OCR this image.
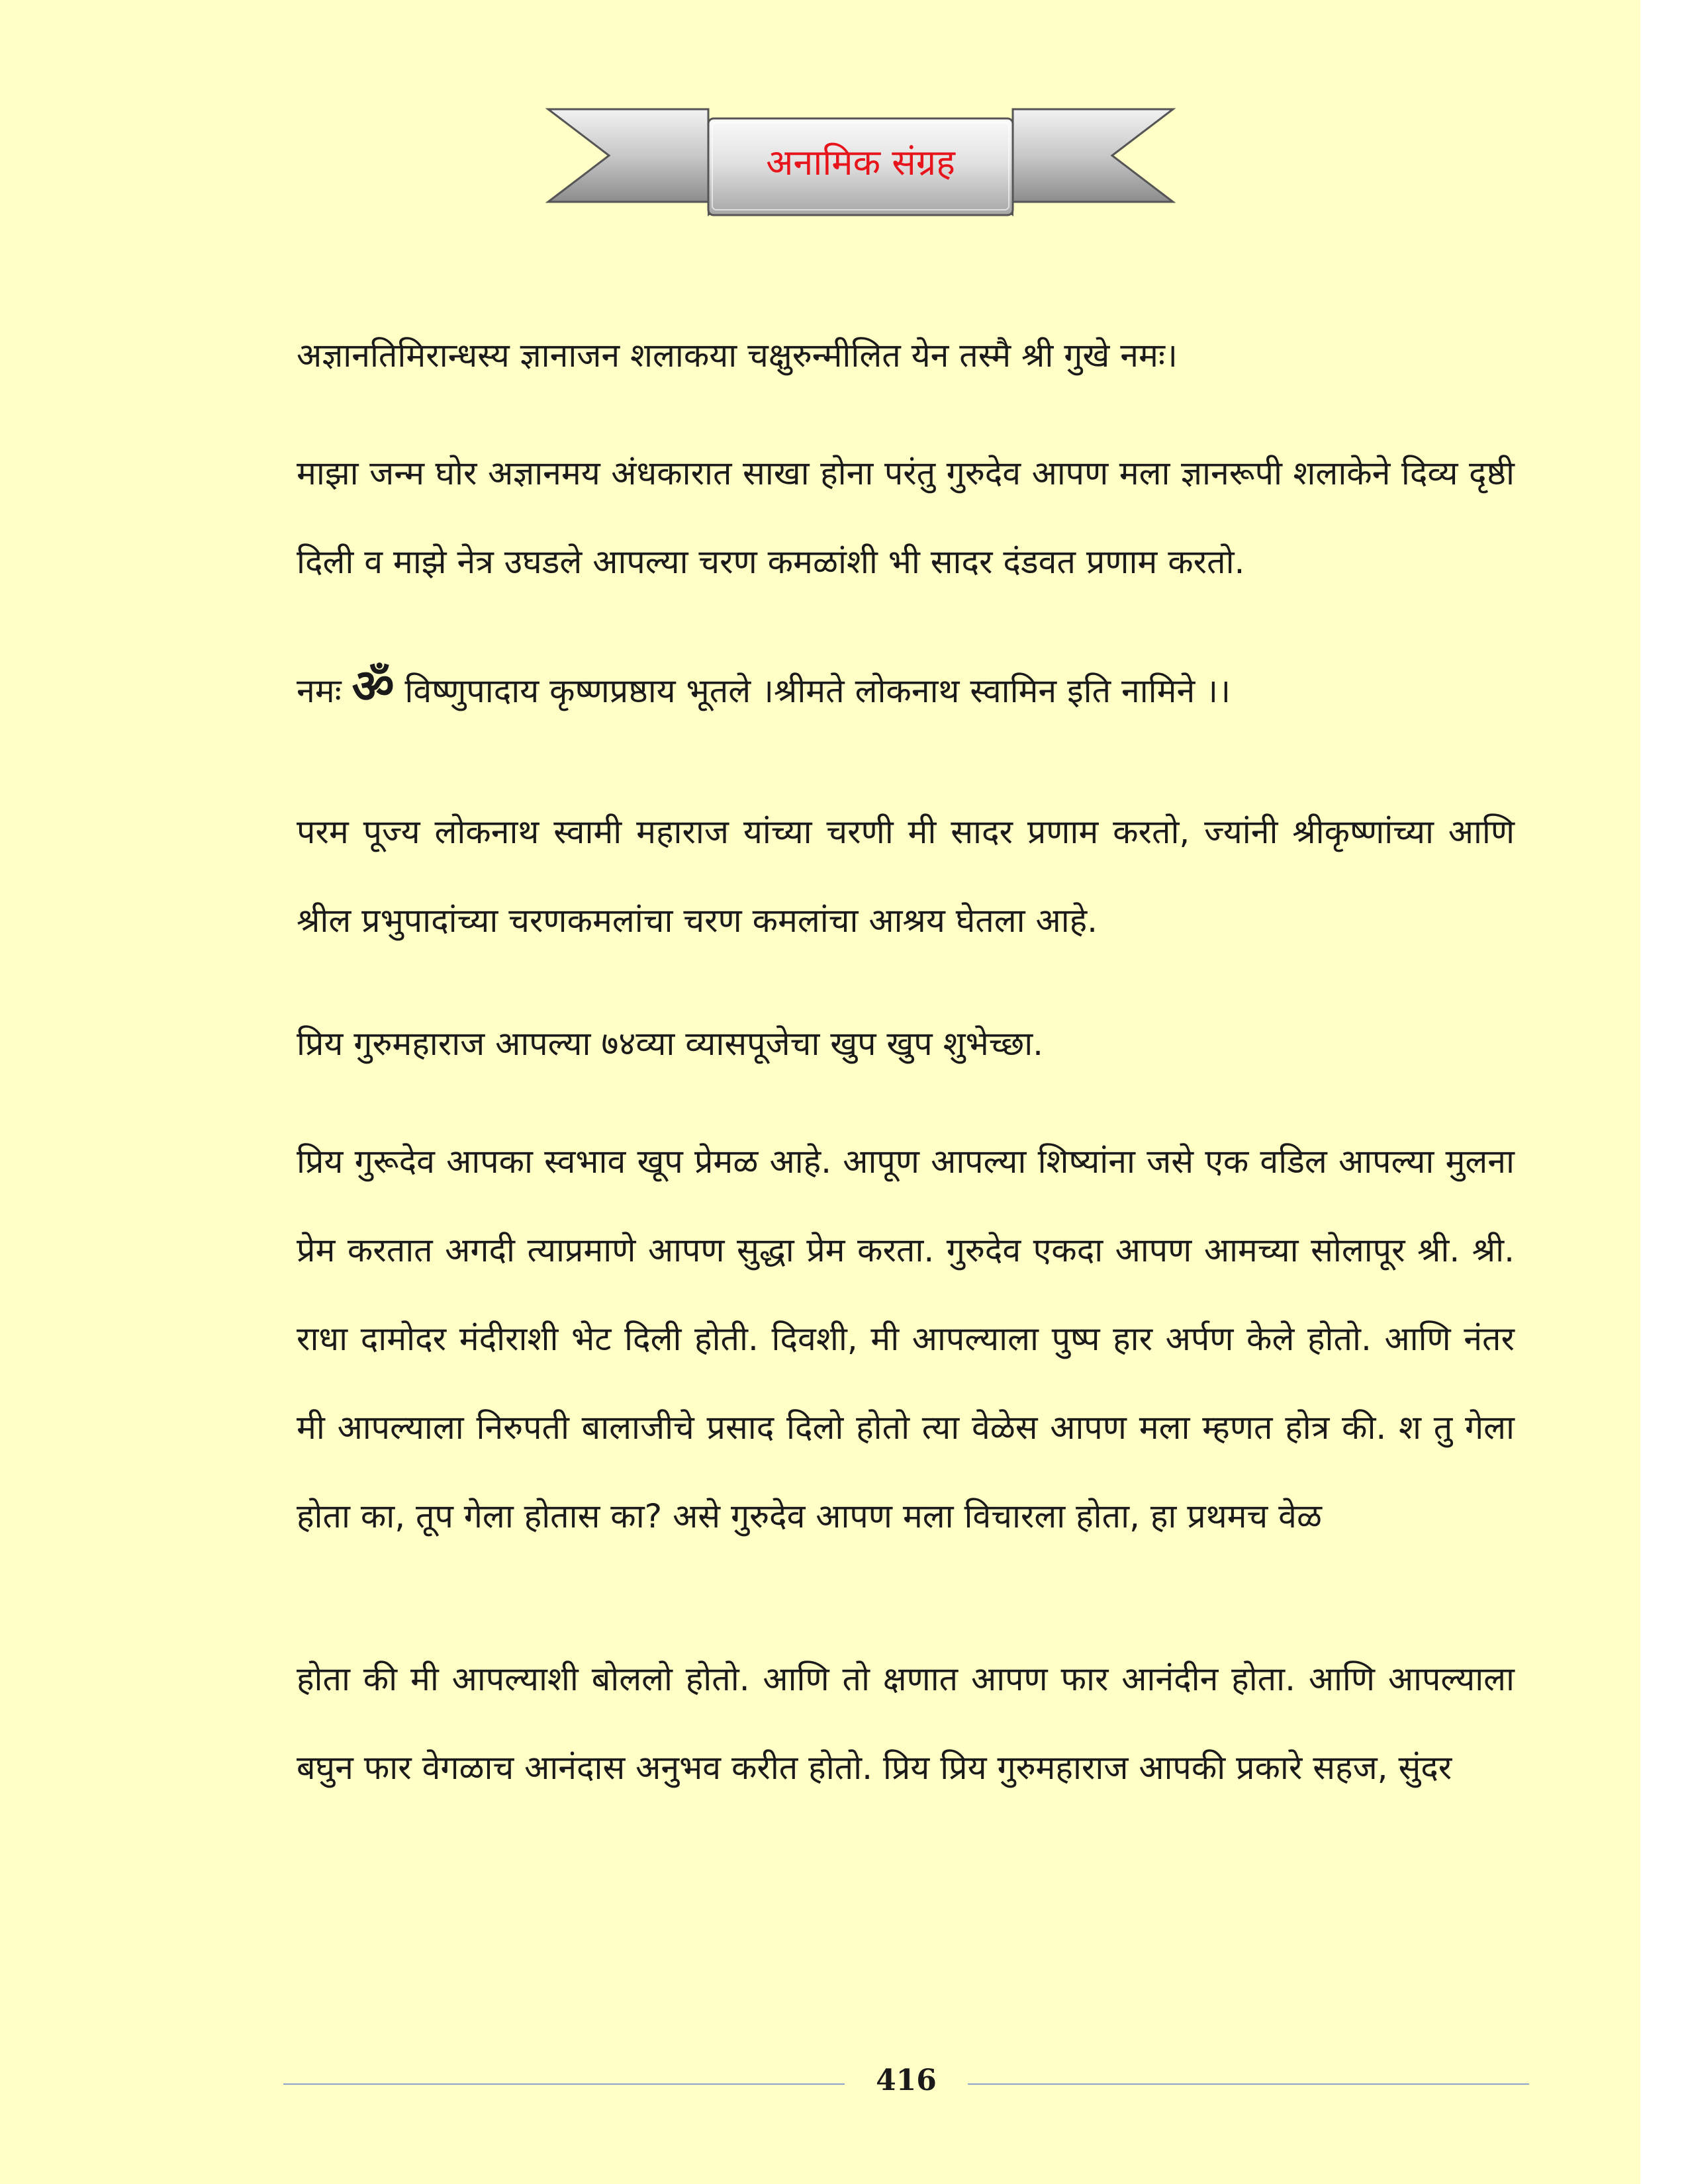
अनामिक संग्रह

अज्ञानतिमिरान्धस्य ज्ञानाजन शलाकया चक्षुरुन्मीलित येन तस्मै श्री गुखे नमः।

माझा जन्म घोर अज्ञानमय अंधकारात साखा होना परंतु गुरुदेव आपण मला ज्ञानरूपी शलाकेने दिव्य दृष्ठी दिली व माझे नेत्र उघडले आपल्या चरण कमळांशी भी सादर दंडवत प्रणाम करतो.

नमः ॐ विष्णुपादाय कृष्णप्रष्ठाय भूतले ।श्रीमते लोकनाथ स्वामिन इति नामिने ।।

परम पूज्य लोकनाथ स्वामी महाराज यांच्या चरणी मी सादर प्रणाम करतो, ज्यांनी श्रीकृष्णांच्या आणि श्रील प्रभुपादांच्या चरणकमलांचा चरण कमलांचा आश्रय घेतला आहे.

प्रिय गुरुमहाराज आपल्या ७४व्या व्यासपूजेचा खुप खुप शुभेच्छा.

प्रिय गुरूदेव आपका स्वभाव खूप प्रेमळ आहे. आपूण आपल्या शिष्यांना जसे एक वडिल आपल्या मुलना प्रेम करतात अगदी त्याप्रमाणे आपण सुद्धा प्रेम करता. गुरुदेव एकदा आपण आमच्या सोलापूर श्री. श्री. राधा दामोदर मंदीराशी भेट दिली होती. दिवशी, मी आपल्याला पुष्प हार अर्पण केले होतो. आणि नंतर मी आपल्याला निरुपती बालाजीचे प्रसाद दिलो होतो त्या वेळेस आपण मला म्हणत होत्र की. श तु गेला होता का, तूप गेला होतास का? असे गुरुदेव आपण मला विचारला होता, हा प्रथमच वेळ

होता की मी आपल्याशी बोललो होतो. आणि तो क्षणात आपण फार आनंदीन होता. आणि आपल्याला बघुन फार वेगळाच आनंदास अनुभव करीत होतो. प्रिय प्रिय गुरुमहाराज आपकी प्रकारे सहज, सुंदर

416
